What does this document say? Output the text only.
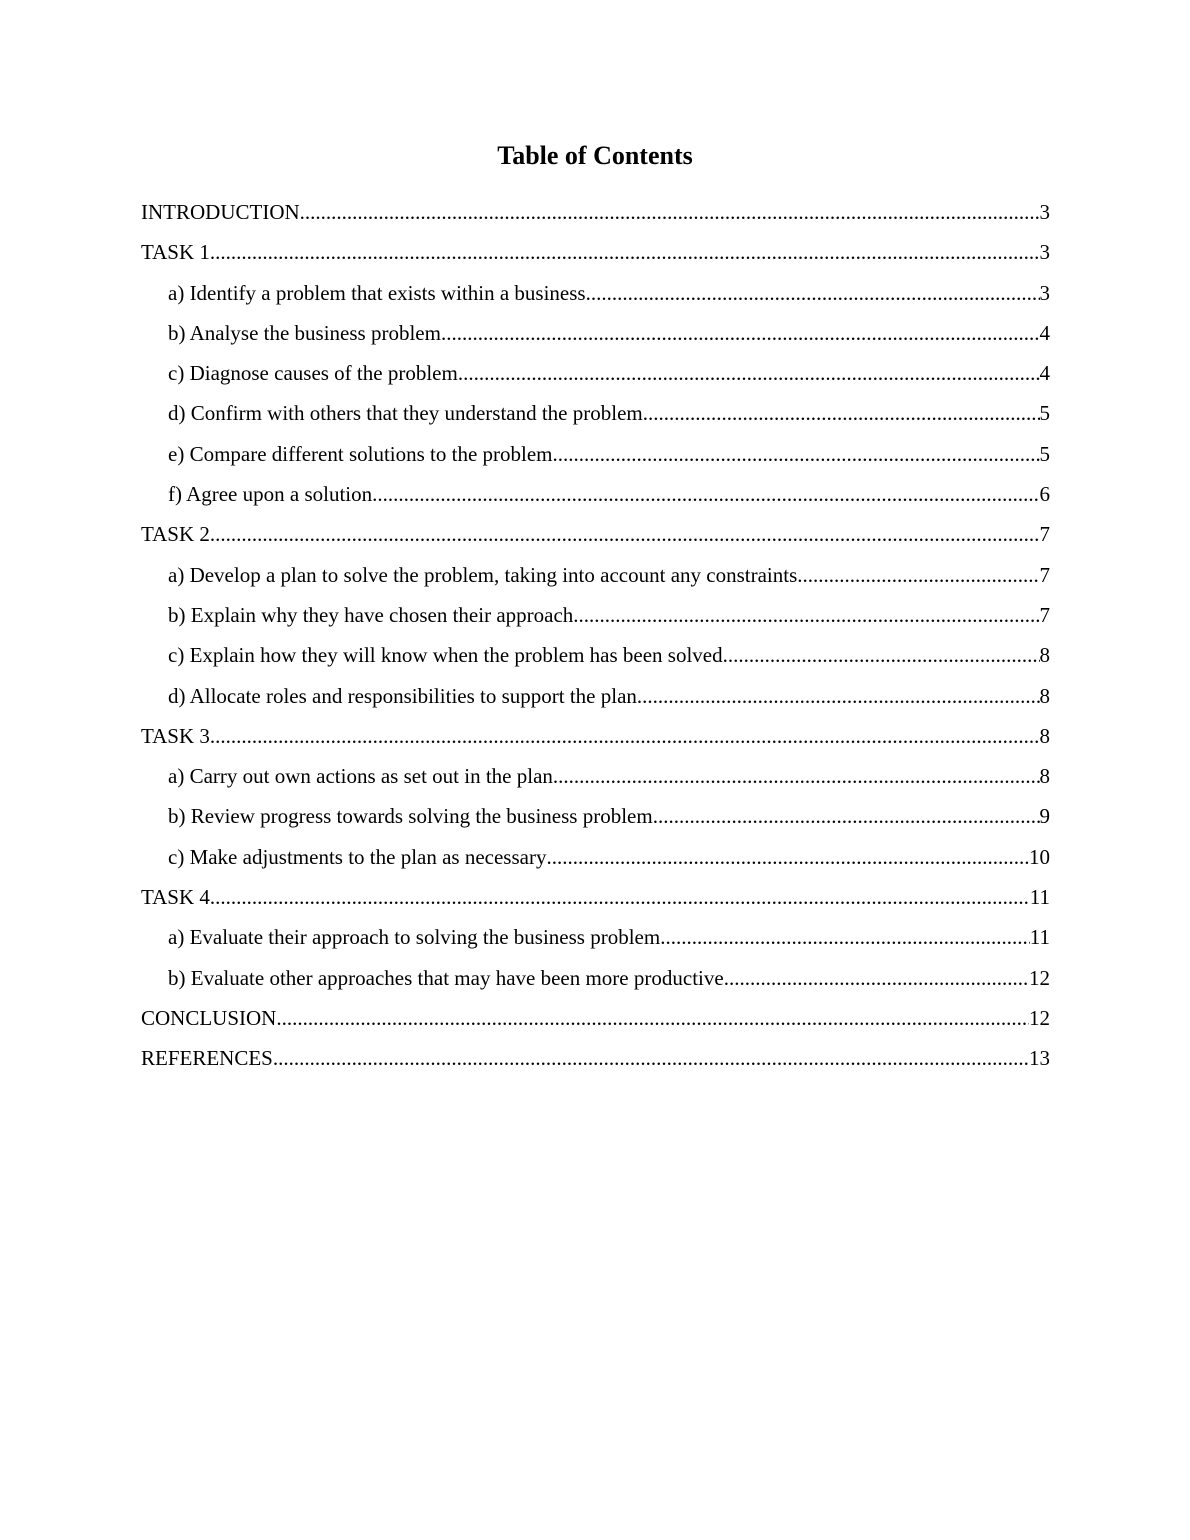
Table of Contents
INTRODUCTION .....	3
TASK 1 .....	3
a) Identify a problem that exists within a business .....	3
b) Analyse the business problem .....	4
c) Diagnose causes of the problem .....	4
d) Confirm with others that they understand the problem .....	5
e) Compare different solutions to the problem .....	5
f) Agree upon a solution .....	6
TASK 2 .....	7
a) Develop a plan to solve the problem, taking into account any constraints .....	7
b) Explain why they have chosen their approach .....	7
c) Explain how they will know when the problem has been solved .....	8
d) Allocate roles and responsibilities to support the plan .....	8
TASK 3 .....	8
a) Carry out own actions as set out in the plan .....	8
b) Review progress towards solving the business problem .....	9
c) Make adjustments to the plan as necessary .....	10
TASK 4 .....	11
a) Evaluate their approach to solving the business problem .....	11
b) Evaluate other approaches that may have been more productive .....	12
CONCLUSION .....	12
REFERENCES .....	13
